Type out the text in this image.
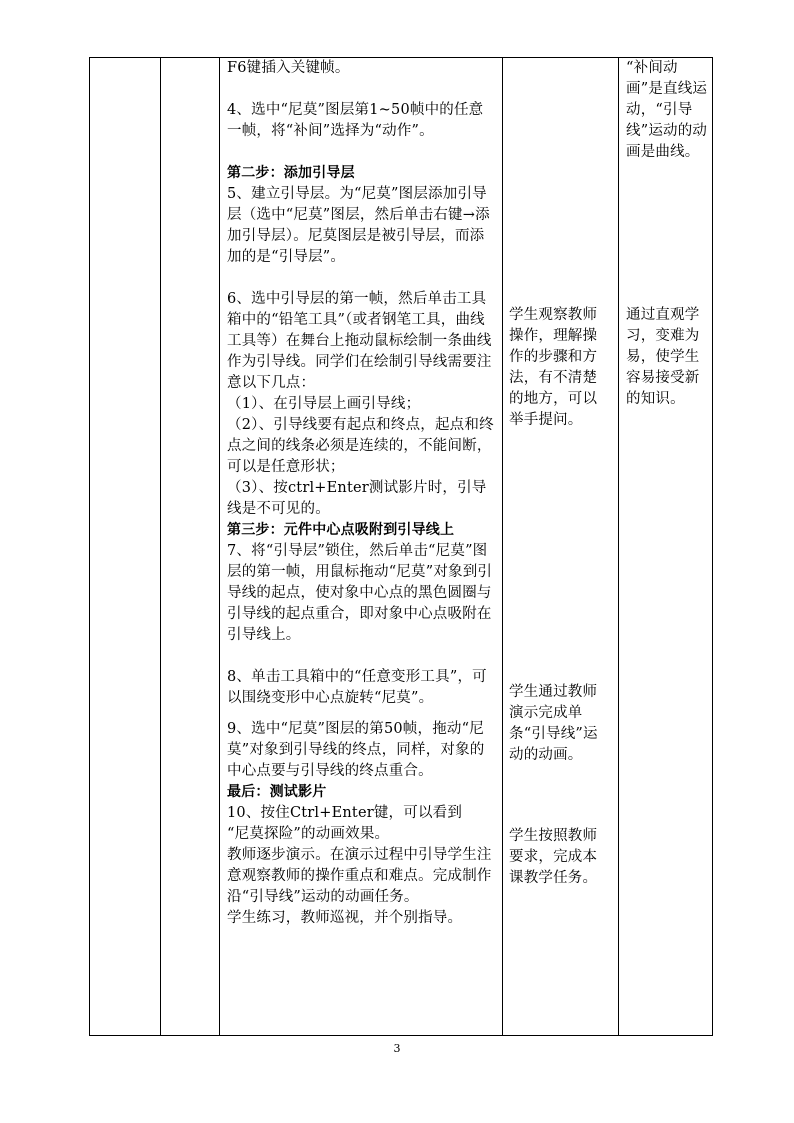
F6键插入关键帧。

4、选中“尼莫”图层第1~50帧中的任意一帧，将“补间”选择为“动作”。

第二步：添加引导层

5、建立引导层。为“尼莫”图层添加引导层（选中“尼莫”图层，然后单击右键→添加引导层）。尼莫图层是被引导层，而添加的是“引导层”。

6、选中引导层的第一帧，然后单击工具箱中的“铅笔工具”（或者钢笔工具，曲线工具等）在舞台上拖动鼠标绘制一条曲线作为引导线。同学们在绘制引导线需要注意以下几点：

（1）、在引导层上画引导线；

（2）、引导线要有起点和终点，起点和终点之间的线条必须是连续的，不能间断，可以是任意形状；

（3）、按ctrl+Enter测试影片时，引导线是不可见的。

第三步：元件中心点吸附到引导线上

7、将“引导层”锁住，然后单击“尼莫”图层的第一帧，用鼠标拖动“尼莫”对象到引导线的起点，使对象中心点的黑色圆圈与引导线的起点重合，即对象中心点吸附在引导线上。

8、单击工具箱中的“任意变形工具”，可以围绕变形中心点旋转“尼莫”。

9、选中“尼莫”图层的第50帧，拖动“尼莫”对象到引导线的终点，同样，对象的中心点要与引导线的终点重合。

最后：测试影片

10、按住Ctrl+Enter键，可以看到

“尼莫探险”的动画效果。

教师逐步演示。在演示过程中引导学生注意观察教师的操作重点和难点。完成制作沿“引导线”运动的动画任务。

学生练习，教师巡视，并个别指导。

学生观察教师操作，理解操作的步骤和方法，有不清楚的地方，可以举手提问。

学生通过教师演示完成单条“引导线”运动的动画。

学生按照教师要求，完成本课教学任务。

“补间动画”是直线运动，“引导线”运动的动画是曲线。

通过直观学习，变难为易，使学生容易接受新的知识。

3
